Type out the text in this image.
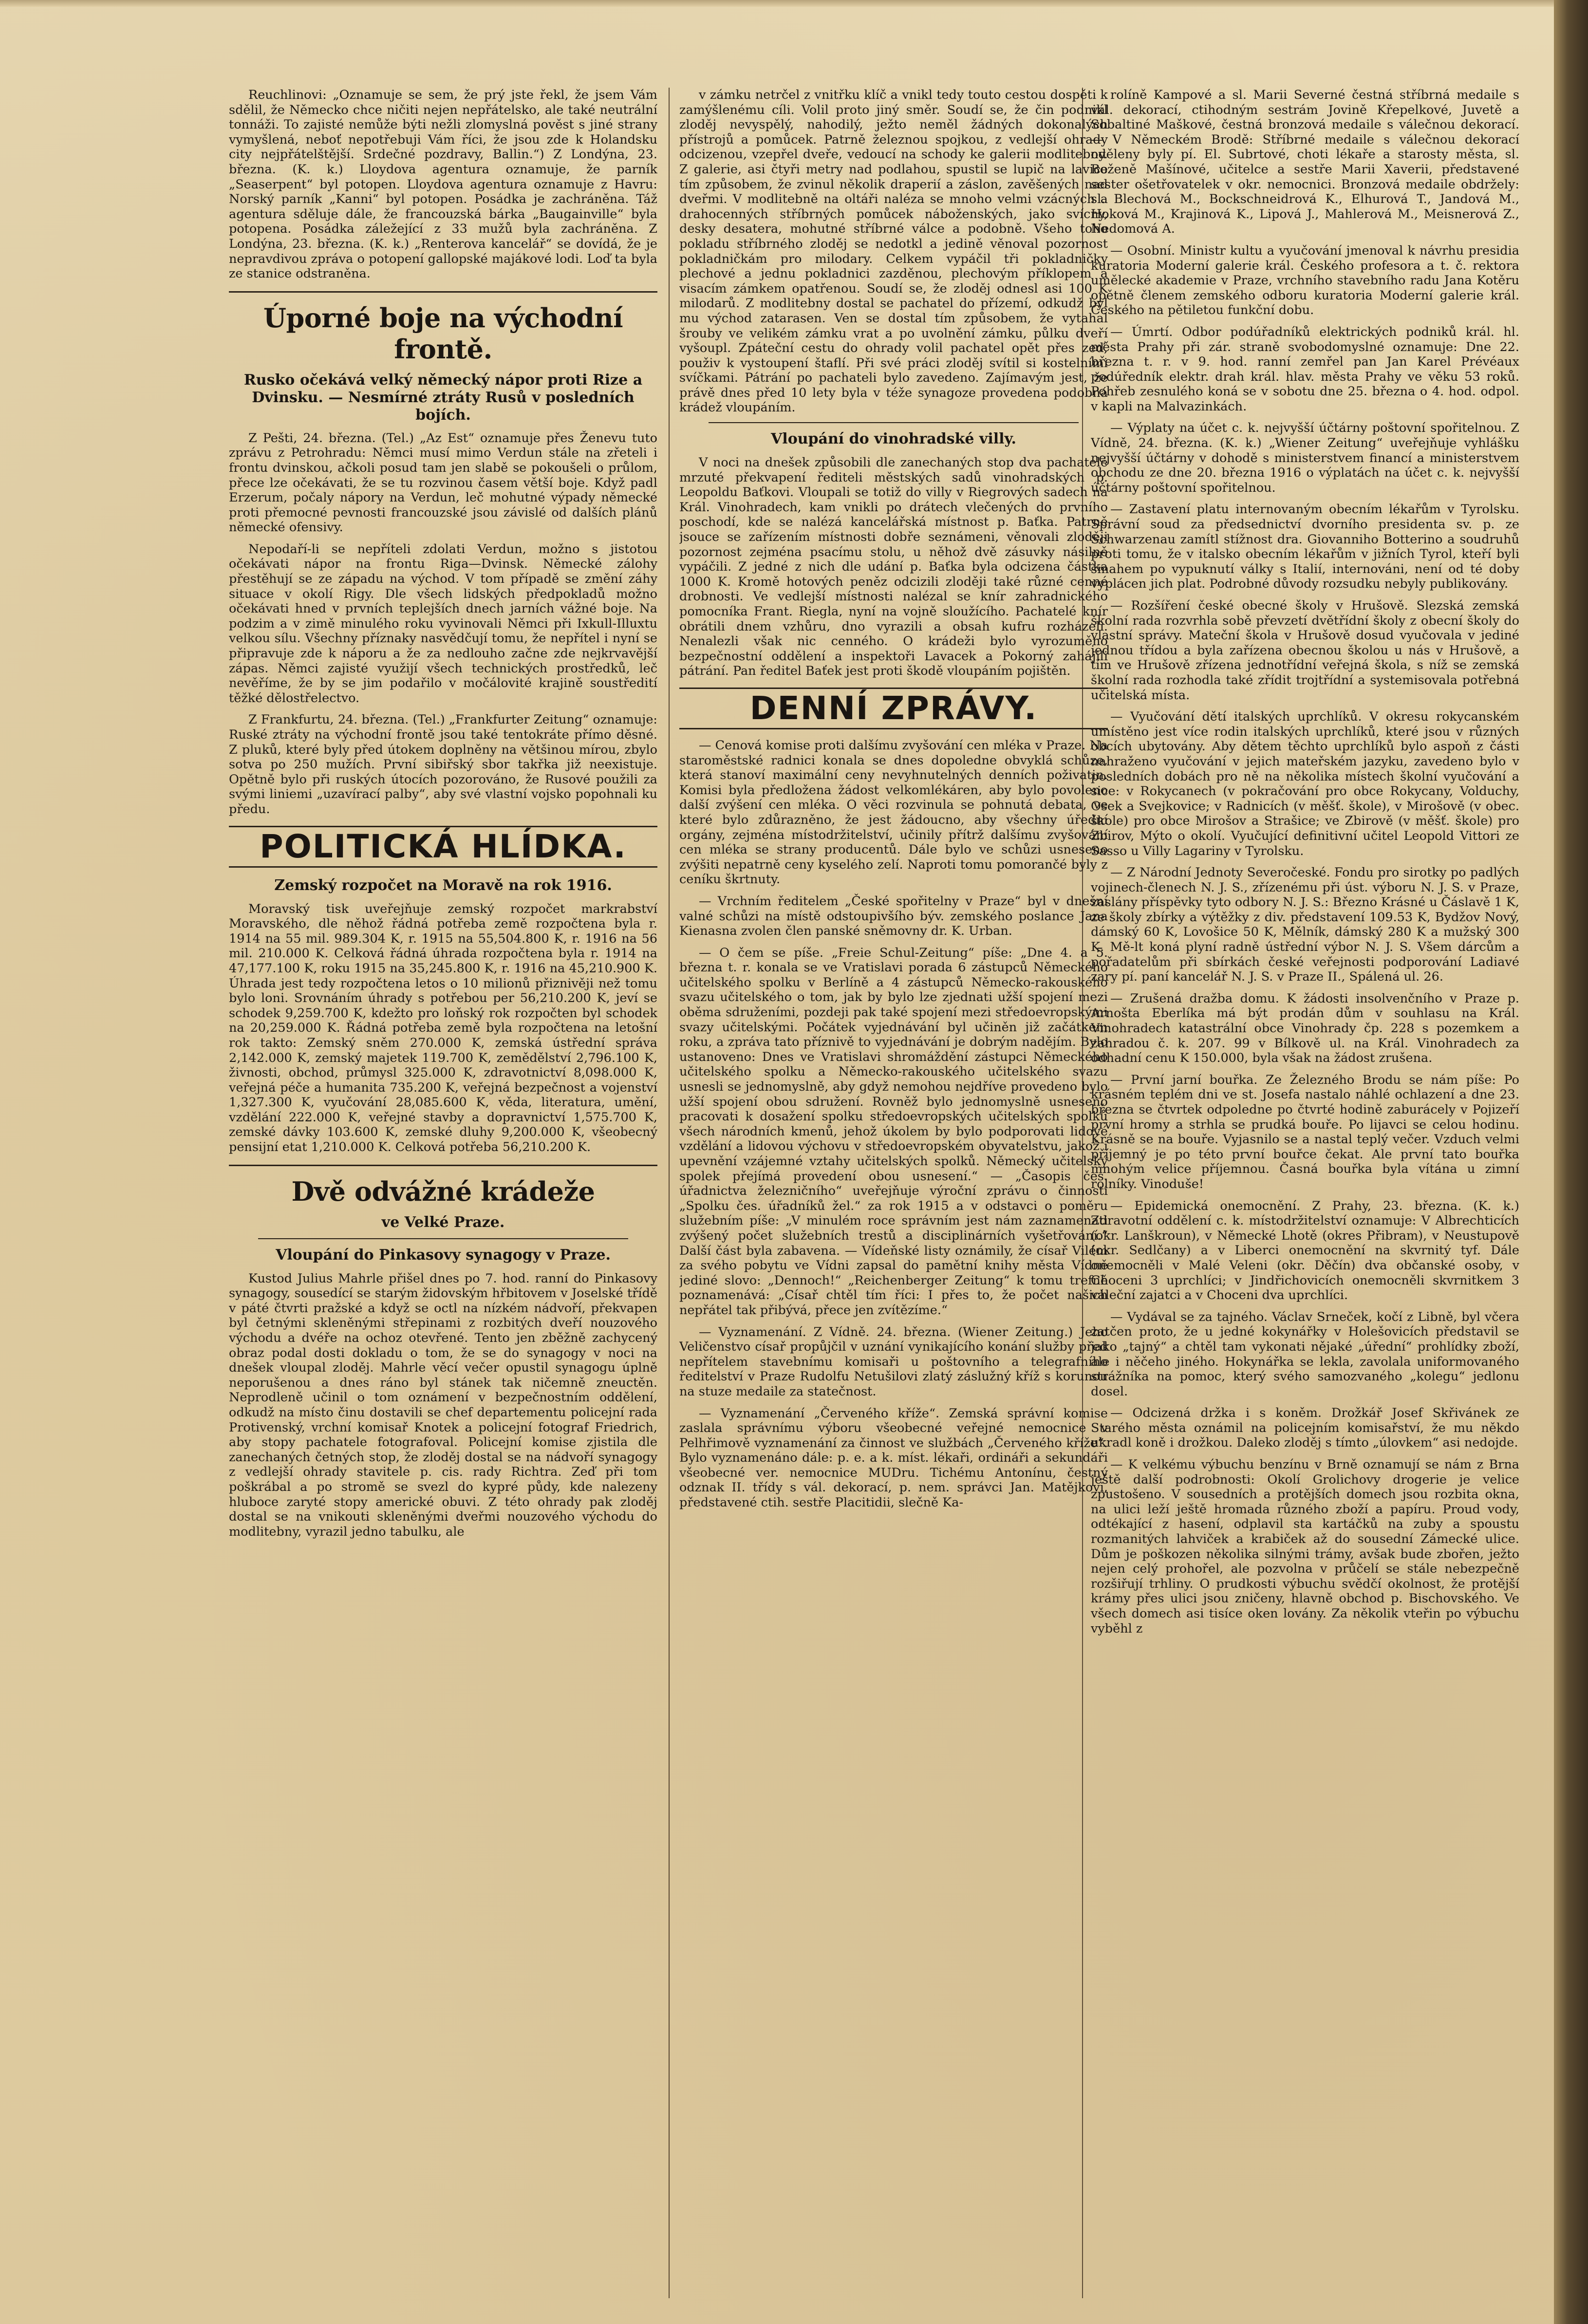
Reuchlinovi: „Oznamuje se sem, že prý jste řekl, že jsem Vám sdělil, že Německo chce ničiti nejen nepřátelsko, ale také neutrální tonnáži. To zajisté nemůže býti nežli zlomyslná pověst s jiné strany vymyšlená, neboť nepotřebuji Vám říci, že jsou zde k Holandsku city nejpřátelštější. Srdečné pozdravy, Ballin.“) Z Londýna, 23. března. (K. k.) Lloydova agentura oznamuje, že parník „Seaserpent“ byl potopen. Lloydova agentura oznamuje z Havru: Norský parník „Kanni“ byl potopen. Posádka je zachráněna. Táž agentura sděluje dále, že francouzská bárka „Baugainville“ byla potopena. Posádka záležející z 33 mužů byla zachráněna. Z Londýna, 23. března. (K. k.) „Renterova kancelář“ se dovídá, že je nepravdivou zpráva o potopení gallopské majákové lodi. Loď ta byla ze stanice odstraněna.

Úporné boje na východní frontě.
Rusko očekává velký německý nápor proti Rize a Dvinsku. — Nesmírné ztráty Rusů v posledních bojích.

Z Pešti, 24. března. (Tel.) „Az Est“ oznamuje přes Ženevu tuto zprávu z Petrohradu: Němci musí mimo Verdun stále na zřeteli i frontu dvinskou, ačkoli posud tam jen slabě se pokoušeli o průlom, přece lze očekávati, že se tu rozvinou časem větší boje. Když padl Erzerum, počaly nápory na Verdun, leč mohutné výpady německé proti přemocné pevnosti francouzské jsou závislé od dalších plánů německé ofensivy.

Nepodaří-li se nepříteli zdolati Verdun, možno s jistotou očekávati nápor na frontu Riga—Dvinsk. Německé zálohy přestěhují se ze západu na východ. V tom případě se změní záhy situace v okolí Rigy. Dle všech lidských předpokladů možno očekávati hned v prvních teplejších dnech jarních vážné boje. Na podzim a v zimě minulého roku vyvinovali Němci při Ixkull-Illuxtu velkou sílu. Všechny příznaky nasvědčují tomu, že nepřítel i nyní se připravuje zde k náporu a že za nedlouho začne zde nejkrvavější zápas. Němci zajisté využijí všech technických prostředků, leč nevěříme, že by se jim podařilo v močálovité krajině soustředití těžké dělostřelectvo.

Z Frankfurtu, 24. března. (Tel.) „Frankfurter Zeitung“ oznamuje: Ruské ztráty na východní frontě jsou také tentokráte přímo děsné. Z pluků, které byly před útokem doplněny na většinou mírou, zbylo sotva po 250 mužích. První sibiřský sbor takřka již neexistuje. Opětně bylo při ruských útocích pozorováno, že Rusové použili za svými liniemi „uzavírací palby“, aby své vlastní vojsko popohnali ku předu.

POLITICKÁ HLÍDKA.
Zemský rozpočet na Moravě na rok 1916.

Moravský tisk uveřejňuje zemský rozpočet markrabství Moravského, dle něhož řádná potřeba země rozpočtena byla r. 1914 na 55 mil. 989.304 K, r. 1915 na 55,504.800 K, r. 1916 na 56 mil. 210.000 K. Celková řádná úhrada rozpočtena byla r. 1914 na 47,177.100 K, roku 1915 na 35,245.800 K, r. 1916 na 45,210.900 K. Úhrada jest tedy rozpočtena letos o 10 milionů přiznivěji než tomu bylo loni. Srovnáním úhrady s potřebou per 56,210.200 K, jeví se schodek 9,259.700 K, kdežto pro loňský rok rozpočten byl schodek na 20,259.000 K. Řádná potřeba země byla rozpočtena na letošní rok takto: Zemský sněm 270.000 K, zemská ústřední správa 2,142.000 K, zemský majetek 119.700 K, zemědělství 2,796.100 K, živnosti, obchod, průmysl 325.000 K, zdravotnictví 8,098.000 K, veřejná péče a humanita 735.200 K, veřejná bezpečnost a vojenství 1,327.300 K, vyučování 28,085.600 K, věda, literatura, umění, vzdělání 222.000 K, veřejné stavby a dopravnictví 1,575.700 K, zemské dávky 103.600 K, zemské dluhy 9,200.000 K, všeobecný pensijní etat 1,210.000 K. Celková potřeba 56,210.200 K.

Dvě odvážné krádeže
ve Velké Praze.
Vloupání do Pinkasovy synagogy v Praze.

Kustod Julius Mahrle přišel dnes po 7. hod. ranní do Pinkasovy synagogy, sousedící se starým židovským hřbitovem v Joselské třídě v páté čtvrti pražské a když se octl na nízkém nádvoří, překvapen byl četnými skleněnými střepinami z rozbitých dveří nouzového východu a dvéře na ochoz otevřené. Tento jen zběžně zachycený obraz podal dosti dokladu o tom, že se do synagogy v noci na dnešek vloupal zloděj. Mahrle věcí večer opustil synagogu úplně neporušenou a dnes ráno byl stánek tak ničemně zneuctěn. Neprodleně učinil o tom oznámení v bezpečnostním oddělení, odkudž na místo činu dostavili se chef departementu policejní rada Protivenský, vrchní komisař Knotek a policejní fotograf Friedrich, aby stopy pachatele fotografoval. Policejní komise zjistila dle zanechaných četných stop, že zloděj dostal se na nádvoří synagogy z vedlejší ohrady stavitele p. cis. rady Richtra. Zeď při tom poškrábal a po stromě se svezl do kypré půdy, kde nalezeny hluboce zaryté stopy americké obuvi. Z této ohrady pak zloděj dostal se na vnikouti skleněnými dveřmi nouzového východu do modlitebny, vyrazil jedno tabulku, ale

v zámku netrčel z vnitřku klíč a vnikl tedy touto cestou dospěti k zamýšlenému cíli. Volil proto jiný směr. Soudí se, že čin podnikl zloděj nevyspělý, nahodilý, ježto neměl žádných dokonalých přístrojů a pomůcek. Patrně železnou spojkou, z vedlejší ohrady odcizenou, vzepřel dveře, vedoucí na schody ke galerii modlitebny. Z galerie, asi čtyři metry nad podlahou, spustil se lupič na lavice tím způsobem, že zvinul několik draperií a záslon, zavěšených nad dveřmi. V modlitebně na oltáři naléza se mnoho velmi vzácných a drahocenných stříbrných pomůcek náboženských, jako svícny, desky desatera, mohutné stříbrné válce a podobně. Všeho toho pokladu stříbrného zloděj se nedotkl a jedině věnoval pozornost pokladničkám pro milodary. Celkem vypáčil tři pokladničky plechové a jednu pokladnici zazděnou, plechovým příklopem a visacím zámkem opatřenou. Soudí se, že zloděj odnesl asi 100 K milodarů. Z modlitebny dostal se pachatel do přízemí, odkudž byl mu východ zatarasen. Ven se dostal tím způsobem, že vytahal šrouby ve velikém zámku vrat a po uvolnění zámku, půlku dveří vyšoupl. Zpáteční cestu do ohrady volil pachatel opět přes zeď, použiv k vystoupení štaflí. Při své práci zloděj svítil si kostelními svíčkami. Pátrání po pachateli bylo zavedeno. Zajímavým jest, že právě dnes před 10 lety byla v téže synagoze provedena podobná krádež vloupáním.

Vloupání do vinohradské villy.

V noci na dnešek způsobili dle zanechaných stop dva pachatelé mrzuté překvapení řediteli městských sadů vinohradských p. Leopoldu Baťkovi. Vloupali se totiž do villy v Riegrových sadech na Král. Vinohradech, kam vnikli po drátech vlečených do prvního poschodí, kde se nalézá kancelářská místnost p. Baťka. Patrně jsouce se zařízením místnosti dobře seznámeni, věnovali zloději pozornost zejména psacímu stolu, u něhož dvě zásuvky násilně vypáčili. Z jedné z nich dle udání p. Baťka byla odcizena částka 1000 K. Kromě hotových peněz odcizili zloději také různé cenné drobnosti. Ve vedlejší místnosti nalézal se knír zahradnického pomocníka Frant. Riegla, nyní na vojně sloužícího. Pachatelé knír obrátili dnem vzhůru, dno vyrazili a obsah kufru rozházeli. Nenalezli však nic cenného. O krádeži bylo vyrozuměno bezpečnostní oddělení a inspektoři Lavacek a Pokorný zahájili pátrání. Pan ředitel Baťek jest proti škodě vloupáním pojištěn.

DENNÍ ZPRÁVY.

— Cenová komise proti dalšímu zvyšování cen mléka v Praze. Na staroměstské radnici konala se dnes dopoledne obvyklá schůze, která stanoví maximální ceny nevyhnutelných denních poživatin. Komisi byla předložena žádost velkomlékáren, aby bylo povoleno další zvýšení cen mléka. O věci rozvinula se pohnutá debata, ve které bylo zdůrazněno, že jest žádoucno, aby všechny úřední orgány, zejména místodržitelství, učinily přítrž dalšímu zvyšování cen mléka se strany producentů. Dále bylo ve schůzi usneseno zvýšiti nepatrně ceny kyselého zelí. Naproti tomu pomorančé byly z ceníku škrtnuty.

— Vrchním ředitelem „České spořitelny v Praze“ byl v dnešní valné schůzi na místě odstoupivšího býv. zemského poslance Jana Kienasna zvolen člen panské sněmovny dr. K. Urban.

— O čem se píše. „Freie Schul-Zeitung“ píše: „Dne 4. a 5. března t. r. konala se ve Vratislavi porada 6 zástupců Německého učitelského spolku v Berlíně a 4 zástupců Německo-rakouského svazu učitelského o tom, jak by bylo lze zjednati užší spojení mezi oběma sdruženími, pozdeji pak také spojení mezi středoevropskými svazy učitelskými. Počátek vyjednávání byl učiněn již začátkem roku, a zpráva tato příznivě to vyjednávání je dobrým nadějím. Bylo ustanoveno: Dnes ve Vratislavi shromáždění zástupci Německého učitelského spolku a Německo-rakouského učitelského svazu usnesli se jednomyslně, aby gdyž nemohou nejdříve provedeno bylo užší spojení obou sdružení. Rovněž bylo jednomyslně usneseno pracovati k dosažení spolku středoevropských učitelských spolků všech národních kmenů, jehož úkolem by bylo podporovati lidové vzdělání a lidovou výchovu v středoevropském obyvatelstvu, jakož i upevnění vzájemné vztahy učitelských spolků. Německý učitelský spolek přejímá provedení obou usnesení.“ — „Časopis čes. úřadnictva železničního“ uveřejňuje výroční zprávu o činnosti „Spolku čes. úřadníků žel.“ za rok 1915 a v odstavci o poměru služebním píše: „V minulém roce správním jest nám zaznamenati zvýšený počet služebních trestů a disciplinárních vyšetřování.“ Další část byla zabavena. — Vídeňské listy oznámily, že císař Vilém za svého pobytu ve Vídni zapsal do pamětní knihy města Vídně jediné slovo: „Dennoch!“ „Reichenberger Zeitung“ k tomu trefně poznamenává: „Císař chtěl tím říci: I přes to, že počet našich nepřátel tak přibývá, přece jen zvítězíme.“

— Vyznamenání. Z Vídně. 24. března. (Wiener Zeitung.) Jeho Veličenstvo císař propůjčil v uznání vynikajícího konání služby před nepřítelem stavebnímu komisaři u poštovního a telegrafního ředitelství v Praze Rudolfu Netušilovi zlatý záslužný kříž s korunou na stuze medaile za statečnost.

— Vyznamenání „Červeného kříže“. Zemská správní komise zaslala správnímu výboru všeobecné veřejné nemocnice v Pelhřimově vyznamenání za činnost ve službách „Červeného kříže“. Bylo vyznamenáno dále: p. e. a k. míst. lékaři, ordináři a sekundáři všeobecné ver. nemocnice MUDru. Tichému Antonínu, čestný odznak II. třídy s vál. dekorací, p. nem. správci Jan. Matějkovi, představené ctih. sestře Placitidii, slečně Ka-

rolíně Kampové a sl. Marii Severné čestná stříbrná medaile s vál. dekorací, ctihodným sestrám Jovině Křepelkové, Juvetě a Sobaltiné Maškové, čestná bronzová medaile s válečnou dekorací. — V Německém Brodě: Stříbrné medaile s válečnou dekorací oděleny byly pí. El. Subrtové, choti lékaře a starosty města, sl. Boženě Mašínové, učitelce a sestře Marii Xaverii, představené sester ošetřovatelek v okr. nemocnici. Bronzová medaile obdržely: sl. Blechová M., Bockschneidrová K., Elhurová T., Jandová M., Hoková M., Krajinová K., Lipová J., Mahlerová M., Meisnerová Z., Nedomová A.

— Osobní. Ministr kultu a vyučování jmenoval k návrhu presidia kuratoria Moderní galerie král. Českého profesora a t. č. rektora umělecké akademie v Praze, vrchního stavebního radu Jana Kotěru opětně členem zemského odboru kuratoria Moderní galerie král. Českého na pětiletou funkční dobu.

— Úmrtí. Odbor podúřadníků elektrických podniků král. hl. města Prahy při zár. straně svobodomyslné oznamuje: Dne 22. března t. r. v 9. hod. ranní zemřel pan Jan Karel Prévéaux podúředník elektr. drah král. hlav. města Prahy ve věku 53 roků. Pohřeb zesnulého koná se v sobotu dne 25. března o 4. hod. odpol. v kapli na Malvazinkách.

— Výplaty na účet c. k. nejvyšší účtárny poštovní spořitelnou. Z Vídně, 24. března. (K. k.) „Wiener Zeitung“ uveřejňuje vyhlášku nejvyšší účtárny v dohodě s ministerstvem financí a ministerstvem obchodu ze dne 20. března 1916 o výplatách na účet c. k. nejvyšší účtárny poštovní spořitelnou.

— Zastavení platu internovaným obecním lékařům v Tyrolsku. Správní soud za předsednictví dvorního presidenta sv. p. ze Schwarzenau zamítl stížnost dra. Giovanniho Botterino a soudruhů proti tomu, že v italsko obecním lékařům v jižních Tyrol, kteří byli šmahem po vypuknutí války s Italií, internováni, není od té doby vyplácen jich plat. Podrobné důvody rozsudku nebyly publikovány.

— Rozšíření české obecné školy v Hrušově. Slezská zemská školní rada rozvrhla sobě převzetí dvětřídní školy z obecní školy do vlastní správy. Mateční škola v Hrušově dosud vyučovala v jediné jednou třídou a byla zařízena obecnou školou u nás v Hrušově, a tím ve Hrušově zřízena jednotřídní veřejná škola, s níž se zemská školní rada rozhodla také zřídit trojtřídní a systemisovala potřebná učitelská místa.

— Vyučování dětí italských uprchlíků. V okresu rokycanském umístěno jest více rodin italských uprchlíků, které jsou v různých obcích ubytovány. Aby dětem těchto uprchlíků bylo aspoň z části nahraženo vyučování v jejich mateřském jazyku, zavedeno bylo v posledních dobách pro ně na několika místech školní vyučování a sice: v Rokycanech (v pokračování pro obce Rokycany, Volduchy, Osek a Svejkovice; v Radnicích (v měšť. škole), v Mirošově (v obec. škole) pro obce Mirošov a Strašice; ve Zbirově (v měšť. škole) pro Zbirov, Mýto o okolí. Vyučující definitivní učitel Leopold Vittori ze Sasso u Villy Lagariny v Tyrolsku.

— Z Národní Jednoty Severočeské. Fondu pro sirotky po padlých vojinech-členech N. J. S., zřízenému při úst. výboru N. J. S. v Praze, zaslány příspěvky tyto odbory N. J. S.: Březno Krásné u Čáslavě 1 K, ze školy zbírky a výtěžky z div. představení 109.53 K, Bydžov Nový, dámský 60 K, Lovošice 50 K, Mělník, dámský 280 K a mužský 300 K. Mě-lt koná plyní radně ústřední výbor N. J. S. Všem dárcům a pořadatelům při sbírkách české veřejnosti podporování Ladiavé zary pí. paní kancelář N. J. S. v Praze II., Spálená ul. 26.

— Zrušená dražba domu. K žádosti insolvenčního v Praze p. Arnošta Eberlíka má být prodán dům v souhlasu na Král. Vinohradech katastrální obce Vinohrady čp. 228 s pozemkem a zahradou č. k. 207. 99 v Bílkově ul. na Král. Vinohradech za odhadní cenu K 150.000, byla však na žádost zrušena.

— První jarní bouřka. Ze Železného Brodu se nám píše: Po krásném teplém dni ve st. Josefa nastalo náhlé ochlazení a dne 23. března se čtvrtek odpoledne po čtvrté hodině zaburácely v Pojizeří první hromy a strhla se prudká bouře. Po lijavci se celou hodinu. Krásně se na bouře. Vyjasnilo se a nastal teplý večer. Vzduch velmi příjemný je po této první bouřce čekat. Ale první tato bouřka mnohým velice příjemnou. Časná bouřka byla vítána u zimní rolníky. Vinoduše!

— Epidemická onemocnění. Z Prahy, 23. března. (K. k.) Zdravotní oddělení c. k. místodržitelství oznamuje: V Albrechticích (okr. Lanškroun), v Německé Lhotě (okres Přibram), v Neustupově (okr. Sedlčany) a v Liberci onemocnění na skvrnitý tyf. Dále onemocněli v Malé Veleni (okr. Děčín) dva občanské osoby, v Choceni 3 uprchlíci; v Jindřichovicích onemocněli skvrnitkem 3 váleční zajatci a v Choceni dva uprchlíci.

— Vydával se za tajného. Václav Srneček, kočí z Libně, byl včera zatčen proto, že u jedné kokynářky v Holešovicích představil se jako „tajný“ a chtěl tam vykonati nějaké „úřední“ prohlídky zboží, ale i něčeho jiného. Hokynářka se lekla, zavolala uniformovaného strážníka na pomoc, který svého samozvaného „kolegu“ jedlonu dosel.

— Odcizená držka i s koněm. Drožkář Josef Skřivánek ze Starého města oznámil na policejním komisařství, že mu někdo ukradl koně i drožkou. Daleko zloděj s tímto „úlovkem“ asi nedojde.

— K velkému výbuchu benzínu v Brně oznamují se nám z Brna ještě další podrobnosti: Okolí Grolichovy drogerie je velice zpustošeno. V sousedních a protějších domech jsou rozbita okna, na ulici leží ještě hromada různého zboží a papíru. Proud vody, odtékající z hasení, odplavil sta kartáčků na zuby a spoustu rozmanitých lahviček a krabiček až do sousední Zámecké ulice. Dům je poškozen několika silnými trámy, avšak bude zbořen, ježto nejen celý prohořel, ale pozvolna v průčelí se stále nebezpečně rozšiřují trhliny. O prudkosti výbuchu svědčí okolnost, že protější krámy přes ulici jsou zničeny, hlavně obchod p. Bischovského. Ve všech domech asi tisíce oken lovány. Za několik vteřin po výbuchu vyběhl z
